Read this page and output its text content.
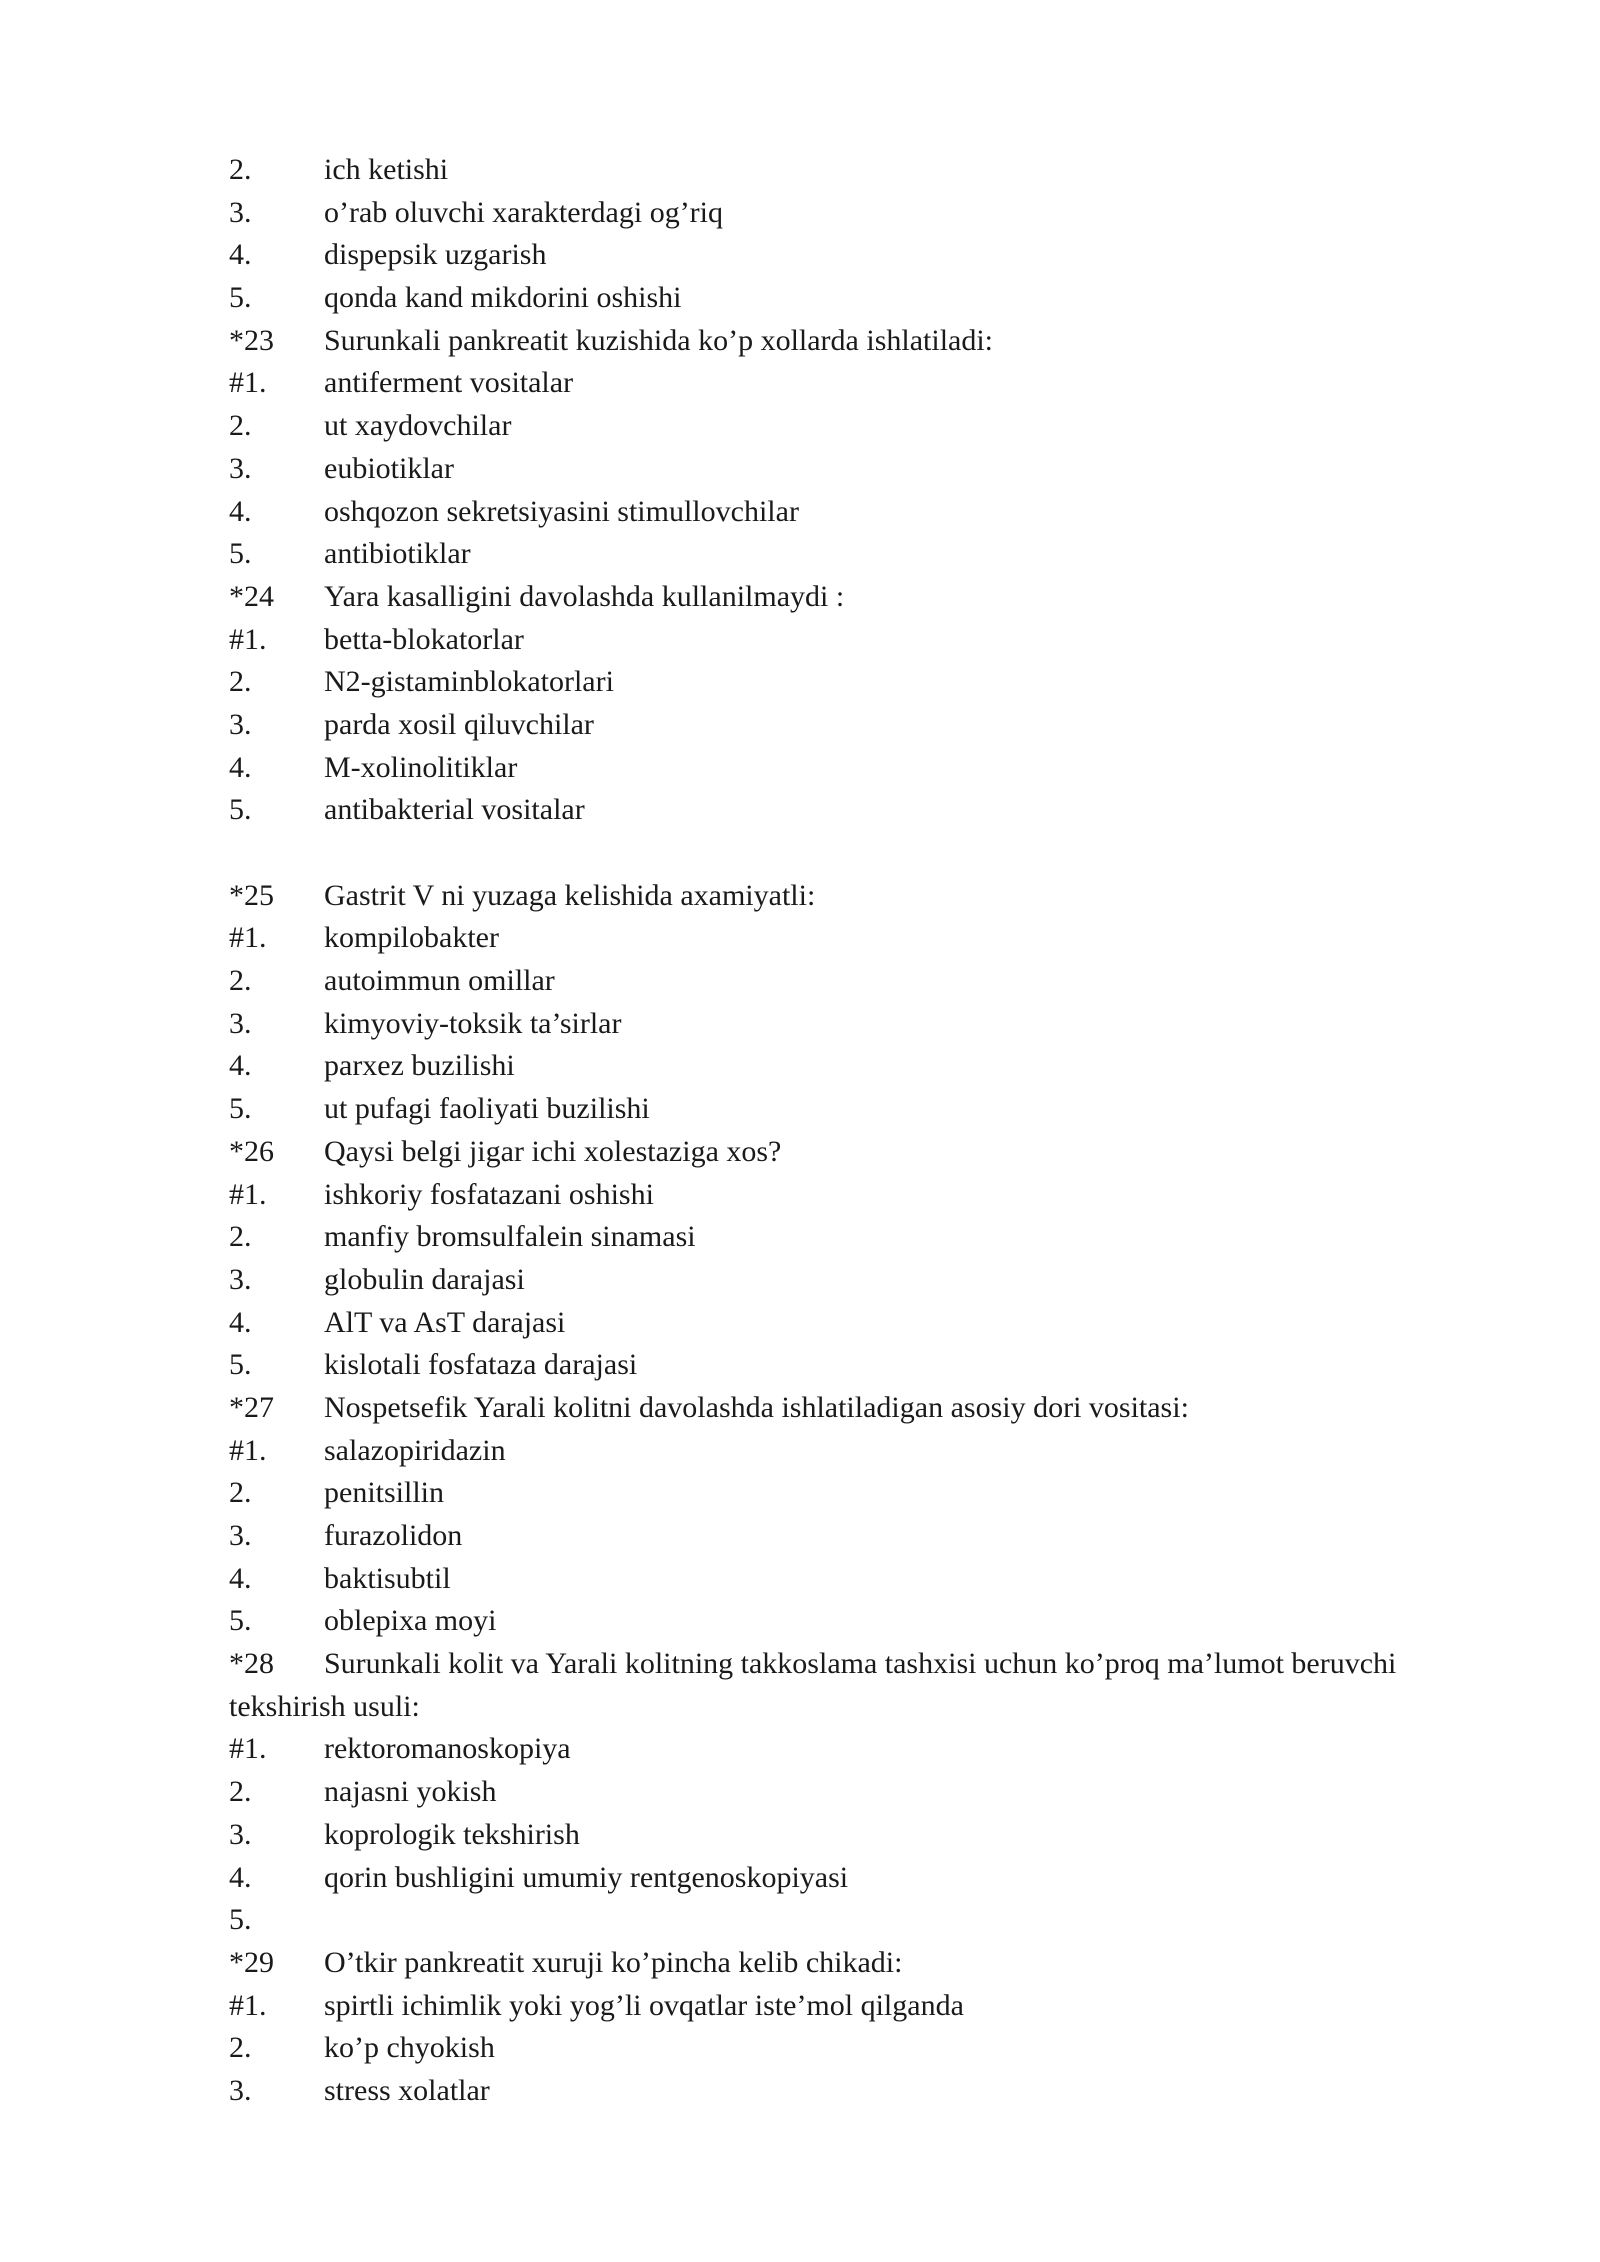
2.	ich ketishi
3.	o’rab oluvchi xarakterdagi og’riq
4.	dispepsik uzgarish
5.	qonda kand mikdorini oshishi
*23	Surunkali pankreatit kuzishida ko’p xollarda ishlatiladi:
#1.	antiferment vositalar
2.	ut xaydovchilar
3.	eubiotiklar
4.	oshqozon sekretsiyasini stimullovchilar
5.	antibiotiklar
*24	Yara kasalligini davolashda kullanilmaydi :
#1.	betta-blokatorlar
2.	N2-gistaminblokatorlari
3.	parda xosil qiluvchilar
4.	M-xolinolitiklar
5.	antibakterial vositalar
*25	Gastrit V ni yuzaga kelishida axamiyatli:
#1.	kompilobakter
2.	autoimmun omillar
3.	kimyoviy-toksik ta’sirlar
4.	parxez buzilishi
5.	ut pufagi faoliyati buzilishi
*26	Qaysi belgi jigar ichi xolestaziga xos?
#1.	ishkoriy fosfatazani oshishi
2.	manfiy bromsulfalein sinamasi
3.	globulin darajasi
4.	AlT va AsT darajasi
5.	kislotali fosfataza darajasi
*27	Nospetsefik Yarali kolitni davolashda ishlatiladigan asosiy dori vositasi:
#1.	salazopiridazin
2.	penitsillin
3.	furazolidon
4.	baktisubtil
5.	oblepixa moyi
*28 Surunkali kolit va Yarali kolitning takkoslama tashxisi uchun ko’proq ma’lumot beruvchi tekshirish usuli:
#1.	rektoromanoskopiya
2.	najasni yokish
3.	koprologik tekshirish
4.	qorin bushligini umumiy rentgenoskopiyasi
5.
*29	O’tkir pankreatit xuruji ko’pincha kelib chikadi:
#1.	spirtli ichimlik yoki yog’li ovqatlar iste’mol qilganda
2.	ko’p chyokish
3.	stress xolatlar
